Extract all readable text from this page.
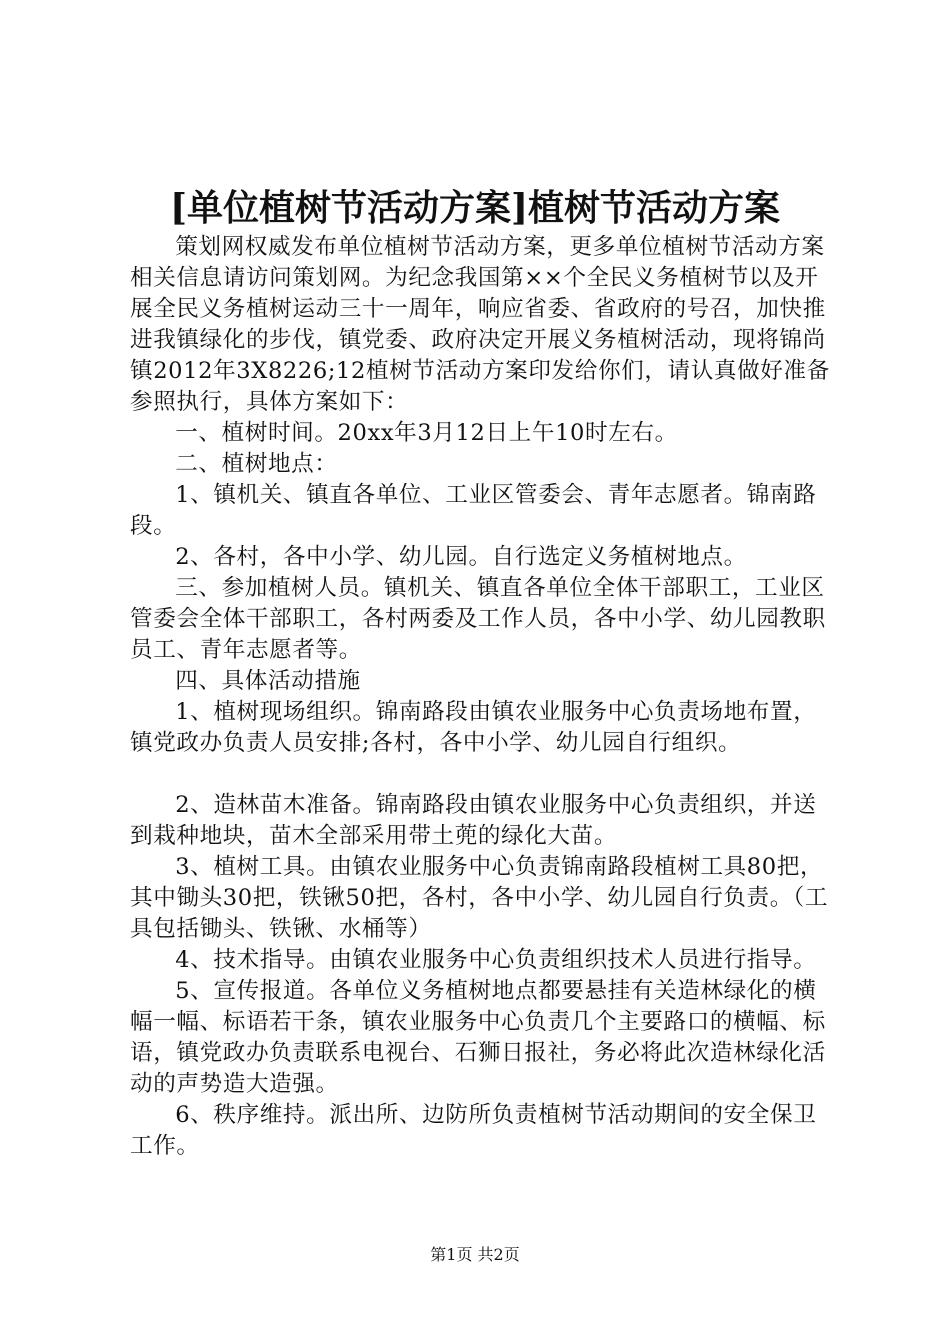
[单位植树节活动方案]植树节活动方案

策划网权威发布单位植树节活动方案，更多单位植树节活动方案相关信息请访问策划网。为纪念我国第××个全民义务植树节以及开展全民义务植树运动三十一周年，响应省委、省政府的号召，加快推进我镇绿化的步伐，镇党委、政府决定开展义务植树活动，现将锦尚镇2012年3X8226;12植树节活动方案印发给你们，请认真做好准备参照执行，具体方案如下：

一、植树时间。20xx年3月12日上午10时左右。

二、植树地点：

1、镇机关、镇直各单位、工业区管委会、青年志愿者。锦南路段。

2、各村，各中小学、幼儿园。自行选定义务植树地点。

三、参加植树人员。镇机关、镇直各单位全体干部职工，工业区管委会全体干部职工，各村两委及工作人员，各中小学、幼儿园教职员工、青年志愿者等。

四、具体活动措施

1、植树现场组织。锦南路段由镇农业服务中心负责场地布置，镇党政办负责人员安排;各村，各中小学、幼儿园自行组织。

2、造林苗木准备。锦南路段由镇农业服务中心负责组织，并送到栽种地块，苗木全部采用带土蔸的绿化大苗。

3、植树工具。由镇农业服务中心负责锦南路段植树工具80把，其中锄头30把，铁锹50把，各村，各中小学、幼儿园自行负责。（工具包括锄头、铁锹、水桶等）

4、技术指导。由镇农业服务中心负责组织技术人员进行指导。

5、宣传报道。各单位义务植树地点都要悬挂有关造林绿化的横幅一幅、标语若干条，镇农业服务中心负责几个主要路口的横幅、标语，镇党政办负责联系电视台、石狮日报社，务必将此次造林绿化活动的声势造大造强。

6、秩序维持。派出所、边防所负责植树节活动期间的安全保卫工作。

第1页 共2页
